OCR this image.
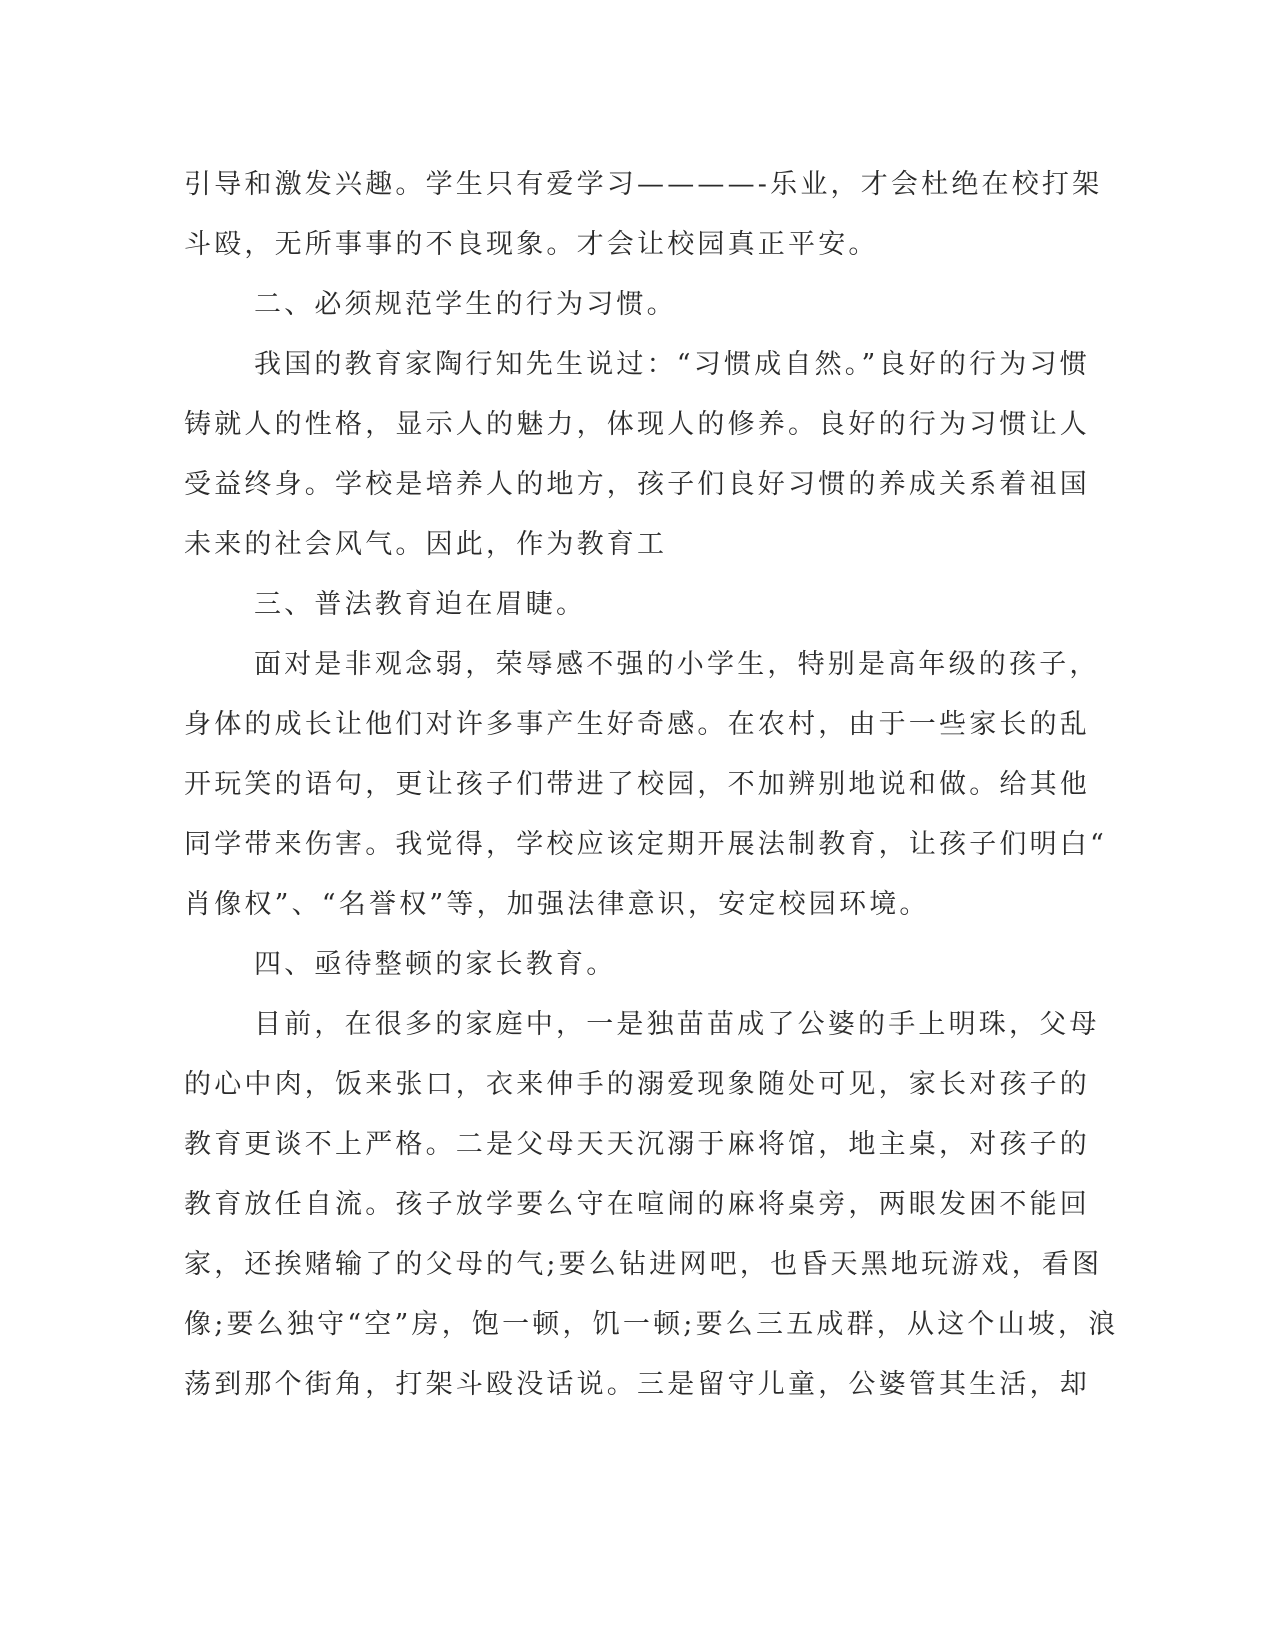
引导和激发兴趣。学生只有爱学习————-乐业，才会杜绝在校打架
斗殴，无所事事的不良现象。才会让校园真正平安。
二、必须规范学生的行为习惯。
我国的教育家陶行知先生说过：“习惯成自然。”良好的行为习惯
铸就人的性格，显示人的魅力，体现人的修养。良好的行为习惯让人
受益终身。学校是培养人的地方，孩子们良好习惯的养成关系着祖国
未来的社会风气。因此，作为教育工
三、普法教育迫在眉睫。
面对是非观念弱，荣辱感不强的小学生，特别是高年级的孩子，
身体的成长让他们对许多事产生好奇感。在农村，由于一些家长的乱
开玩笑的语句，更让孩子们带进了校园，不加辨别地说和做。给其他
同学带来伤害。我觉得，学校应该定期开展法制教育，让孩子们明白“
肖像权”、“名誉权”等，加强法律意识，安定校园环境。
四、亟待整顿的家长教育。
目前，在很多的家庭中，一是独苗苗成了公婆的手上明珠，父母
的心中肉，饭来张口，衣来伸手的溺爱现象随处可见，家长对孩子的
教育更谈不上严格。二是父母天天沉溺于麻将馆，地主桌，对孩子的
教育放任自流。孩子放学要么守在喧闹的麻将桌旁，两眼发困不能回
家，还挨赌输了的父母的气;要么钻进网吧，也昏天黑地玩游戏，看图
像;要么独守“空”房，饱一顿，饥一顿;要么三五成群，从这个山坡，浪
荡到那个街角，打架斗殴没话说。三是留守儿童，公婆管其生活，却
